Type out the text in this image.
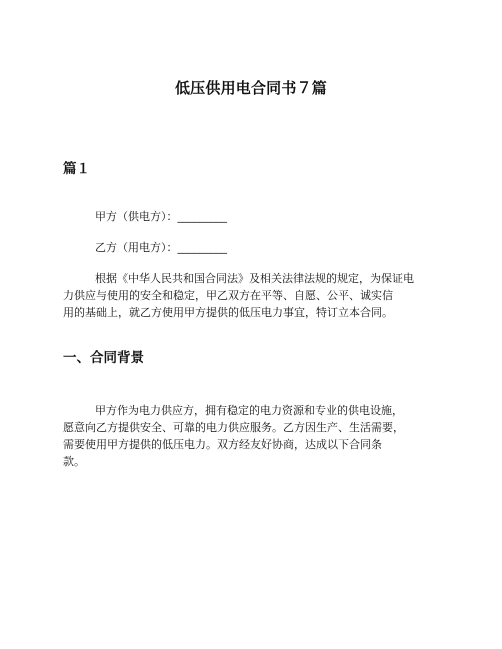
低压供用电合同书７篇
篇１
甲方（供电方）：_________
乙方（用电方）：_________
根据《中华人民共和国合同法》及相关法律法规的规定，为保证电
力供应与使用的安全和稳定，甲乙双方在平等、自愿、公平、诚实信
用的基础上，就乙方使用甲方提供的低压电力事宜，特订立本合同。
一、合同背景
甲方作为电力供应方，拥有稳定的电力资源和专业的供电设施，
愿意向乙方提供安全、可靠的电力供应服务。乙方因生产、生活需要，
需要使用甲方提供的低压电力。双方经友好协商，达成以下合同条
款。
